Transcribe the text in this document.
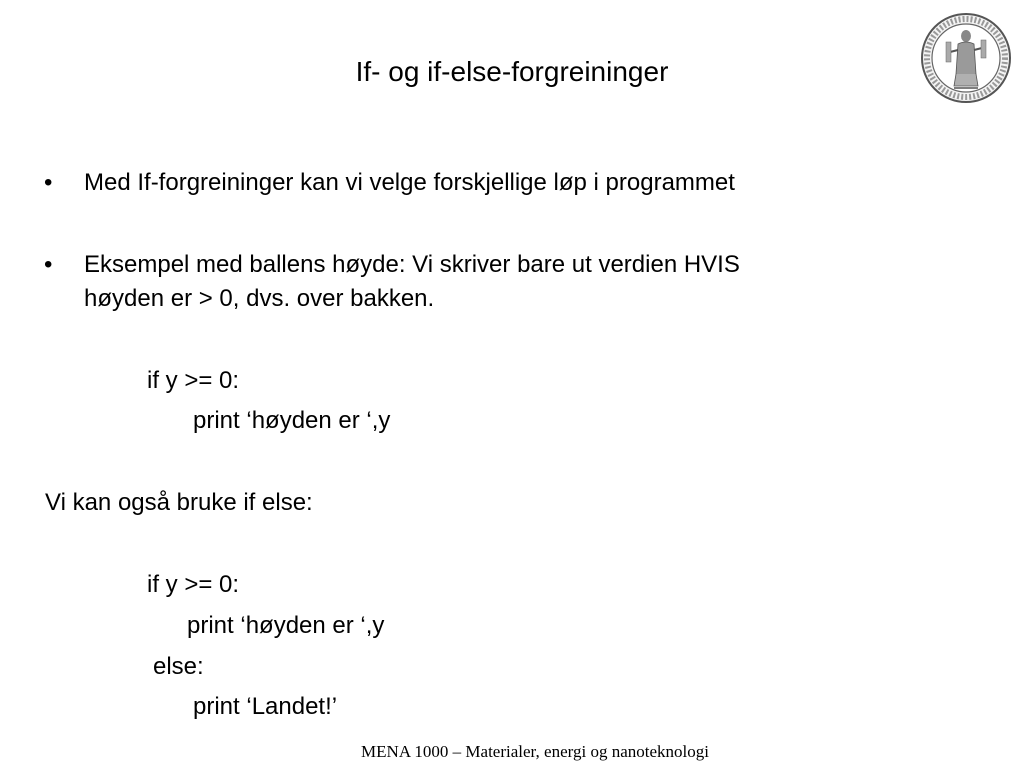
If- og if-else-forgreininger
• Med If-forgreininger kan vi velge forskjellige løp i programmet
• Eksempel med ballens høyde: Vi skriver bare ut verdien HVIS
høyden er > 0, dvs. over bakken.
if y >= 0:
print ‘høyden er ‘,y
Vi kan også bruke if else:
if y >= 0:
print ‘høyden er ‘,y
else:
print ‘Landet!’
MENA 1000 – Materialer, energi og nanoteknologi
